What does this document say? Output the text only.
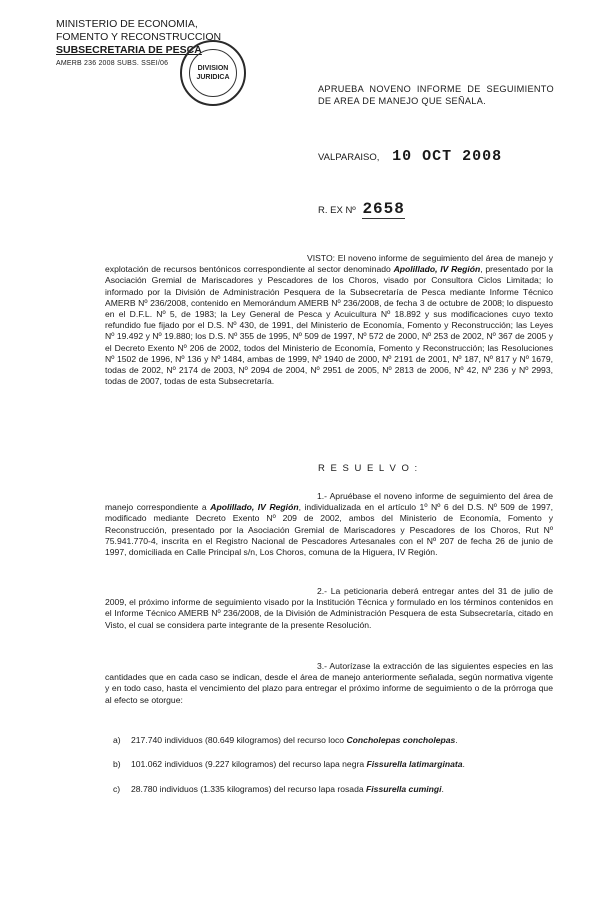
MINISTERIO DE ECONOMIA,
FOMENTO Y RECONSTRUCCION
SUBSECRETARIA DE PESCA
AMERB 236 2008 SUBS. SSEI/06
DIVISION
JURIDICA
APRUEBA NOVENO INFORME DE SEGUIMIENTO DE AREA DE MANEJO QUE SEÑALA.
VALPARAISO, 10 OCT 2008
R. EX Nº 2658
VISTO: El noveno informe de seguimiento del área de manejo y explotación de recursos bentónicos correspondiente al sector denominado Apolillado, IV Región, presentado por la Asociación Gremial de Mariscadores y Pescadores de los Choros, visado por Consultora Ciclos Limitada; lo informado por la División de Administración Pesquera de la Subsecretaría de Pesca mediante Informe Técnico AMERB Nº 236/2008, contenido en Memorándum AMERB Nº 236/2008, de fecha 3 de octubre de 2008; lo dispuesto en el D.F.L. Nº 5, de 1983; la Ley General de Pesca y Acuicultura Nº 18.892 y sus modificaciones cuyo texto refundido fue fijado por el D.S. Nº 430, de 1991, del Ministerio de Economía, Fomento y Reconstrucción; las Leyes Nº 19.492 y Nº 19.880; los D.S. Nº 355 de 1995, Nº 509 de 1997, Nº 572 de 2000, Nº 253 de 2002, Nº 367 de 2005 y el Decreto Exento Nº 206 de 2002, todos del Ministerio de Economía, Fomento y Reconstrucción; las Resoluciones Nº 1502 de 1996, Nº 136 y Nº 1484, ambas de 1999, Nº 1940 de 2000, Nº 2191 de 2001, Nº 187, Nº 817 y Nº 1679, todas de 2002, Nº 2174 de 2003, Nº 2094 de 2004, Nº 2951 de 2005, Nº 2813 de 2006, Nº 42, Nº 236 y Nº 2993, todas de 2007, todas de esta Subsecretaría.
R E S U E L V O :
1.- Apruébase el noveno informe de seguimiento del área de manejo correspondiente a Apolillado, IV Región, individualizada en el artículo 1º Nº 6 del D.S. Nº 509 de 1997, modificado mediante Decreto Exento Nº 209 de 2002, ambos del Ministerio de Economía, Fomento y Reconstrucción, presentado por la Asociación Gremial de Mariscadores y Pescadores de los Choros, Rut Nº 75.941.770-4, inscrita en el Registro Nacional de Pescadores Artesanales con el Nº 207 de fecha 26 de junio de 1997, domiciliada en Calle Principal s/n, Los Choros, comuna de la Higuera, IV Región.
2.- La peticionaria deberá entregar antes del 31 de julio de 2009, el próximo informe de seguimiento visado por la Institución Técnica y formulado en los términos contenidos en el Informe Técnico AMERB Nº 236/2008, de la División de Administración Pesquera de esta Subsecretaría, citado en Visto, el cual se considera parte integrante de la presente Resolución.
3.- Autorízase la extracción de las siguientes especies en las cantidades que en cada caso se indican, desde el área de manejo anteriormente señalada, según normativa vigente y en todo caso, hasta el vencimiento del plazo para entregar el próximo informe de seguimiento o de la prórroga que al efecto se otorgue:
a) 217.740 individuos (80.649 kilogramos) del recurso loco Concholepas concholepas.
b) 101.062 individuos (9.227 kilogramos) del recurso lapa negra Fissurella latimarginata.
c) 28.780 individuos (1.335 kilogramos) del recurso lapa rosada Fissurella cumingi.
